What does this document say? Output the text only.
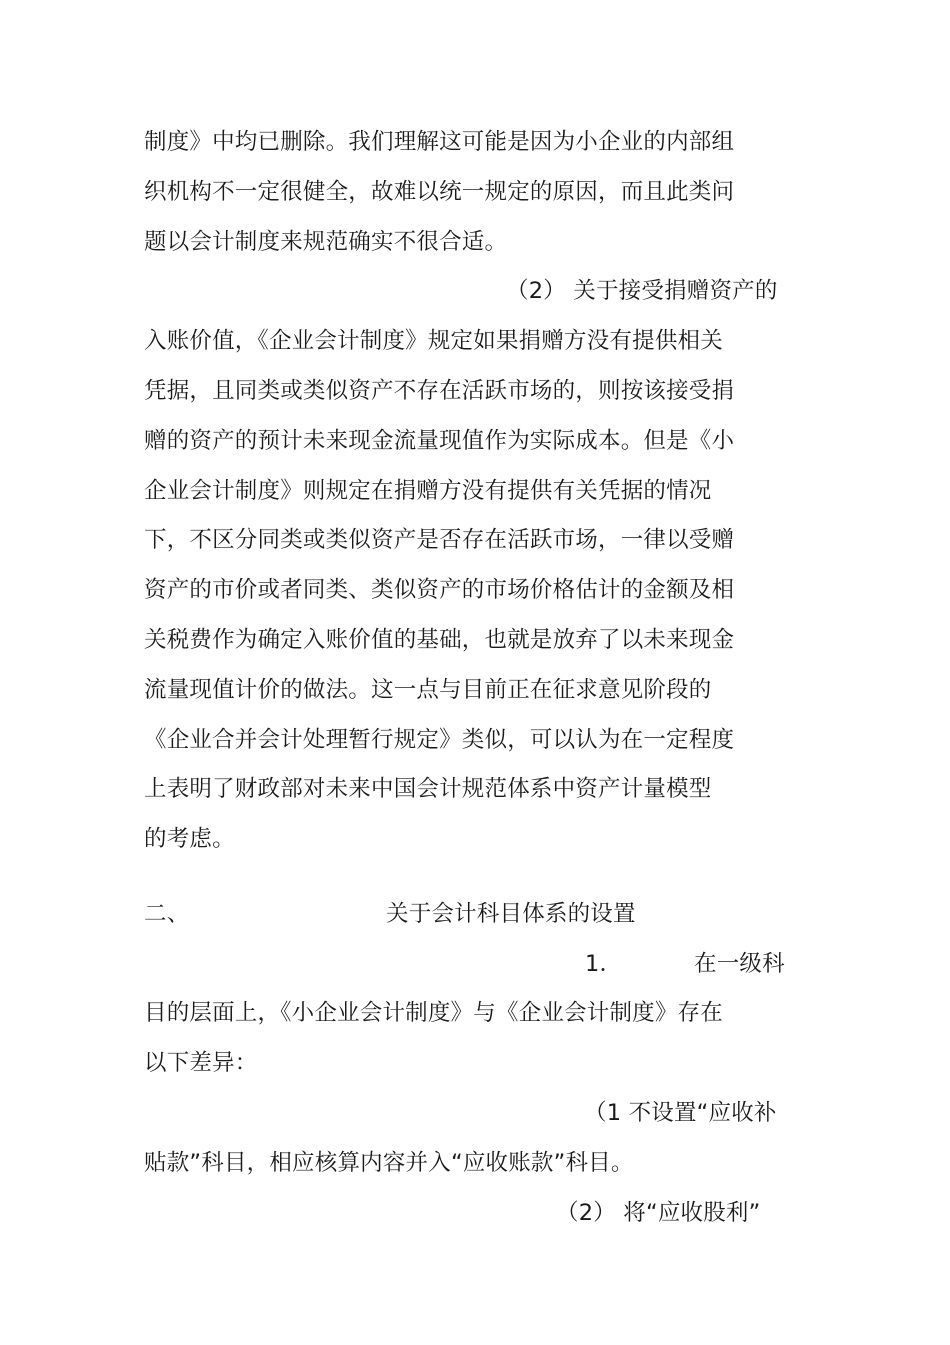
制度》中均已删除。我们理解这可能是因为小企业的内部组
织机构不一定很健全，故难以统一规定的原因，而且此类问
题以会计制度来规范确实不很合适。
（2） 关于接受捐赠资产的
入账价值，《企业会计制度》规定如果捐赠方没有提供相关
凭据，且同类或类似资产不存在活跃市场的，则按该接受捐
赠的资产的预计未来现金流量现值作为实际成本。但是《小
企业会计制度》则规定在捐赠方没有提供有关凭据的情况
下，不区分同类或类似资产是否存在活跃市场，一律以受赠
资产的市价或者同类、类似资产的市场价格估计的金额及相
关税费作为确定入账价值的基础，也就是放弃了以未来现金
流量现值计价的做法。这一点与目前正在征求意见阶段的
《企业合并会计处理暂行规定》类似，可以认为在一定程度
上表明了财政部对未来中国会计规范体系中资产计量模型
的考虑。
二、	关于会计科目体系的设置
1．	在一级科
目的层面上，《小企业会计制度》与《企业会计制度》存在
以下差异：
（1 不设置“应收补
贴款”科目，相应核算内容并入“应收账款”科目。
（2） 将“应收股利”
